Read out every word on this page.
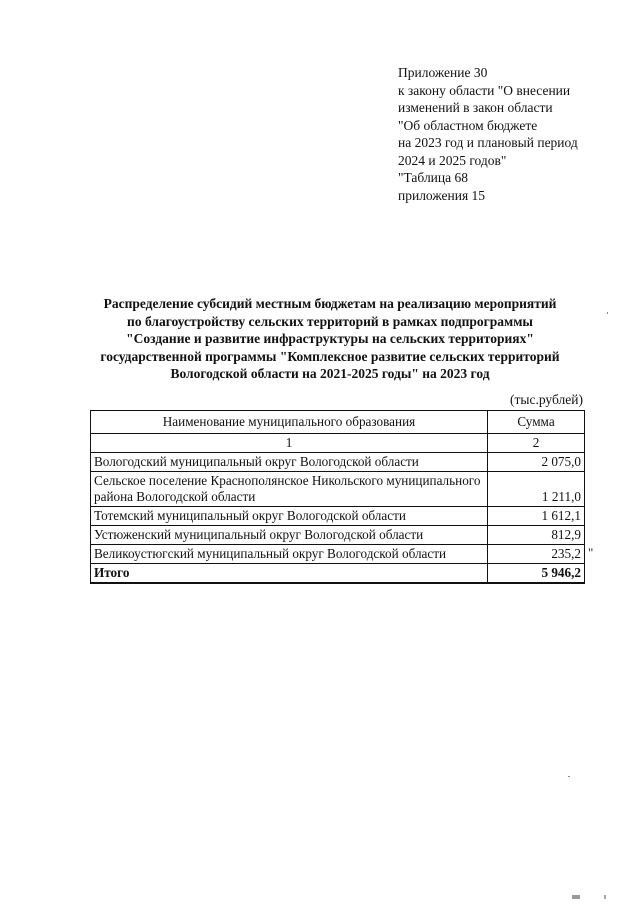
Приложение 30
к закону области "О внесении
изменений в закон области
"Об областном бюджете
на 2023 год и плановый период
2024 и 2025 годов"
"Таблица 68
приложения 15
Распределение субсидий местным бюджетам на реализацию мероприятий
по благоустройству сельских территорий в рамках подпрограммы
"Создание и развитие инфраструктуры на сельских территориях"
государственной программы "Комплексное развитие сельских территорий
Вологодской области на 2021-2025 годы" на 2023 год
(тыс.рублей)
Наименование муниципального образования	Сумма
1	2
Вологодский муниципальный округ Вологодской области	2 075,0
Сельское поселение Краснополянское Никольского муниципального района Вологодской области	1 211,0
Тотемский муниципальный округ Вологодской области	1 612,1
Устюженский муниципальный округ Вологодской области	812,9
Великоустюгский муниципальный округ Вологодской области	235,2
Итого	5 946,2
"
